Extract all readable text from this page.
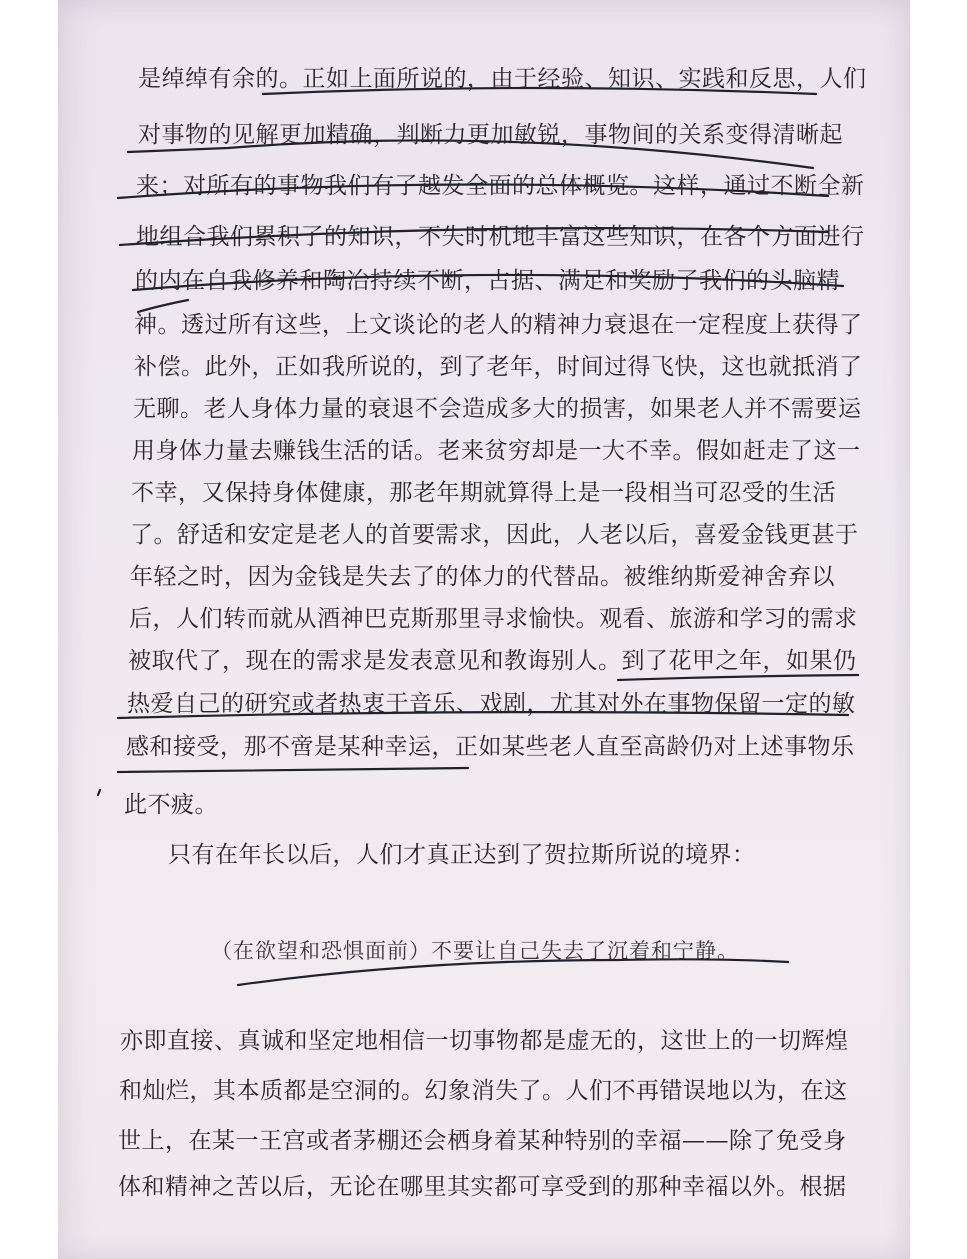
是绰绰有余的。正如上面所说的，由于经验、知识、实践和反思，人们
对事物的见解更加精确，判断力更加敏锐，事物间的关系变得清晰起
来；对所有的事物我们有了越发全面的总体概览。这样，通过不断全新
地组合我们累积了的知识，不失时机地丰富这些知识，在各个方面进行
的内在自我修养和陶冶持续不断，占据、满足和奖励了我们的头脑精
神。透过所有这些，上文谈论的老人的精神力衰退在一定程度上获得了
补偿。此外，正如我所说的，到了老年，时间过得飞快，这也就抵消了
无聊。老人身体力量的衰退不会造成多大的损害，如果老人并不需要运
用身体力量去赚钱生活的话。老来贫穷却是一大不幸。假如赶走了这一
不幸，又保持身体健康，那老年期就算得上是一段相当可忍受的生活
了。舒适和安定是老人的首要需求，因此，人老以后，喜爱金钱更甚于
年轻之时，因为金钱是失去了的体力的代替品。被维纳斯爱神舍弃以
后，人们转而就从酒神巴克斯那里寻求愉快。观看、旅游和学习的需求
被取代了，现在的需求是发表意见和教诲别人。到了花甲之年，如果仍
热爱自己的研究或者热衷于音乐、戏剧，尤其对外在事物保留一定的敏
感和接受，那不啻是某种幸运，正如某些老人直至高龄仍对上述事物乐
此不疲。
只有在年长以后，人们才真正达到了贺拉斯所说的境界：
（在欲望和恐惧面前）不要让自己失去了沉着和宁静。
亦即直接、真诚和坚定地相信一切事物都是虚无的，这世上的一切辉煌
和灿烂，其本质都是空洞的。幻象消失了。人们不再错误地以为，在这
世上，在某一王宫或者茅棚还会栖身着某种特别的幸福——除了免受身
体和精神之苦以后，无论在哪里其实都可享受到的那种幸福以外。根据
